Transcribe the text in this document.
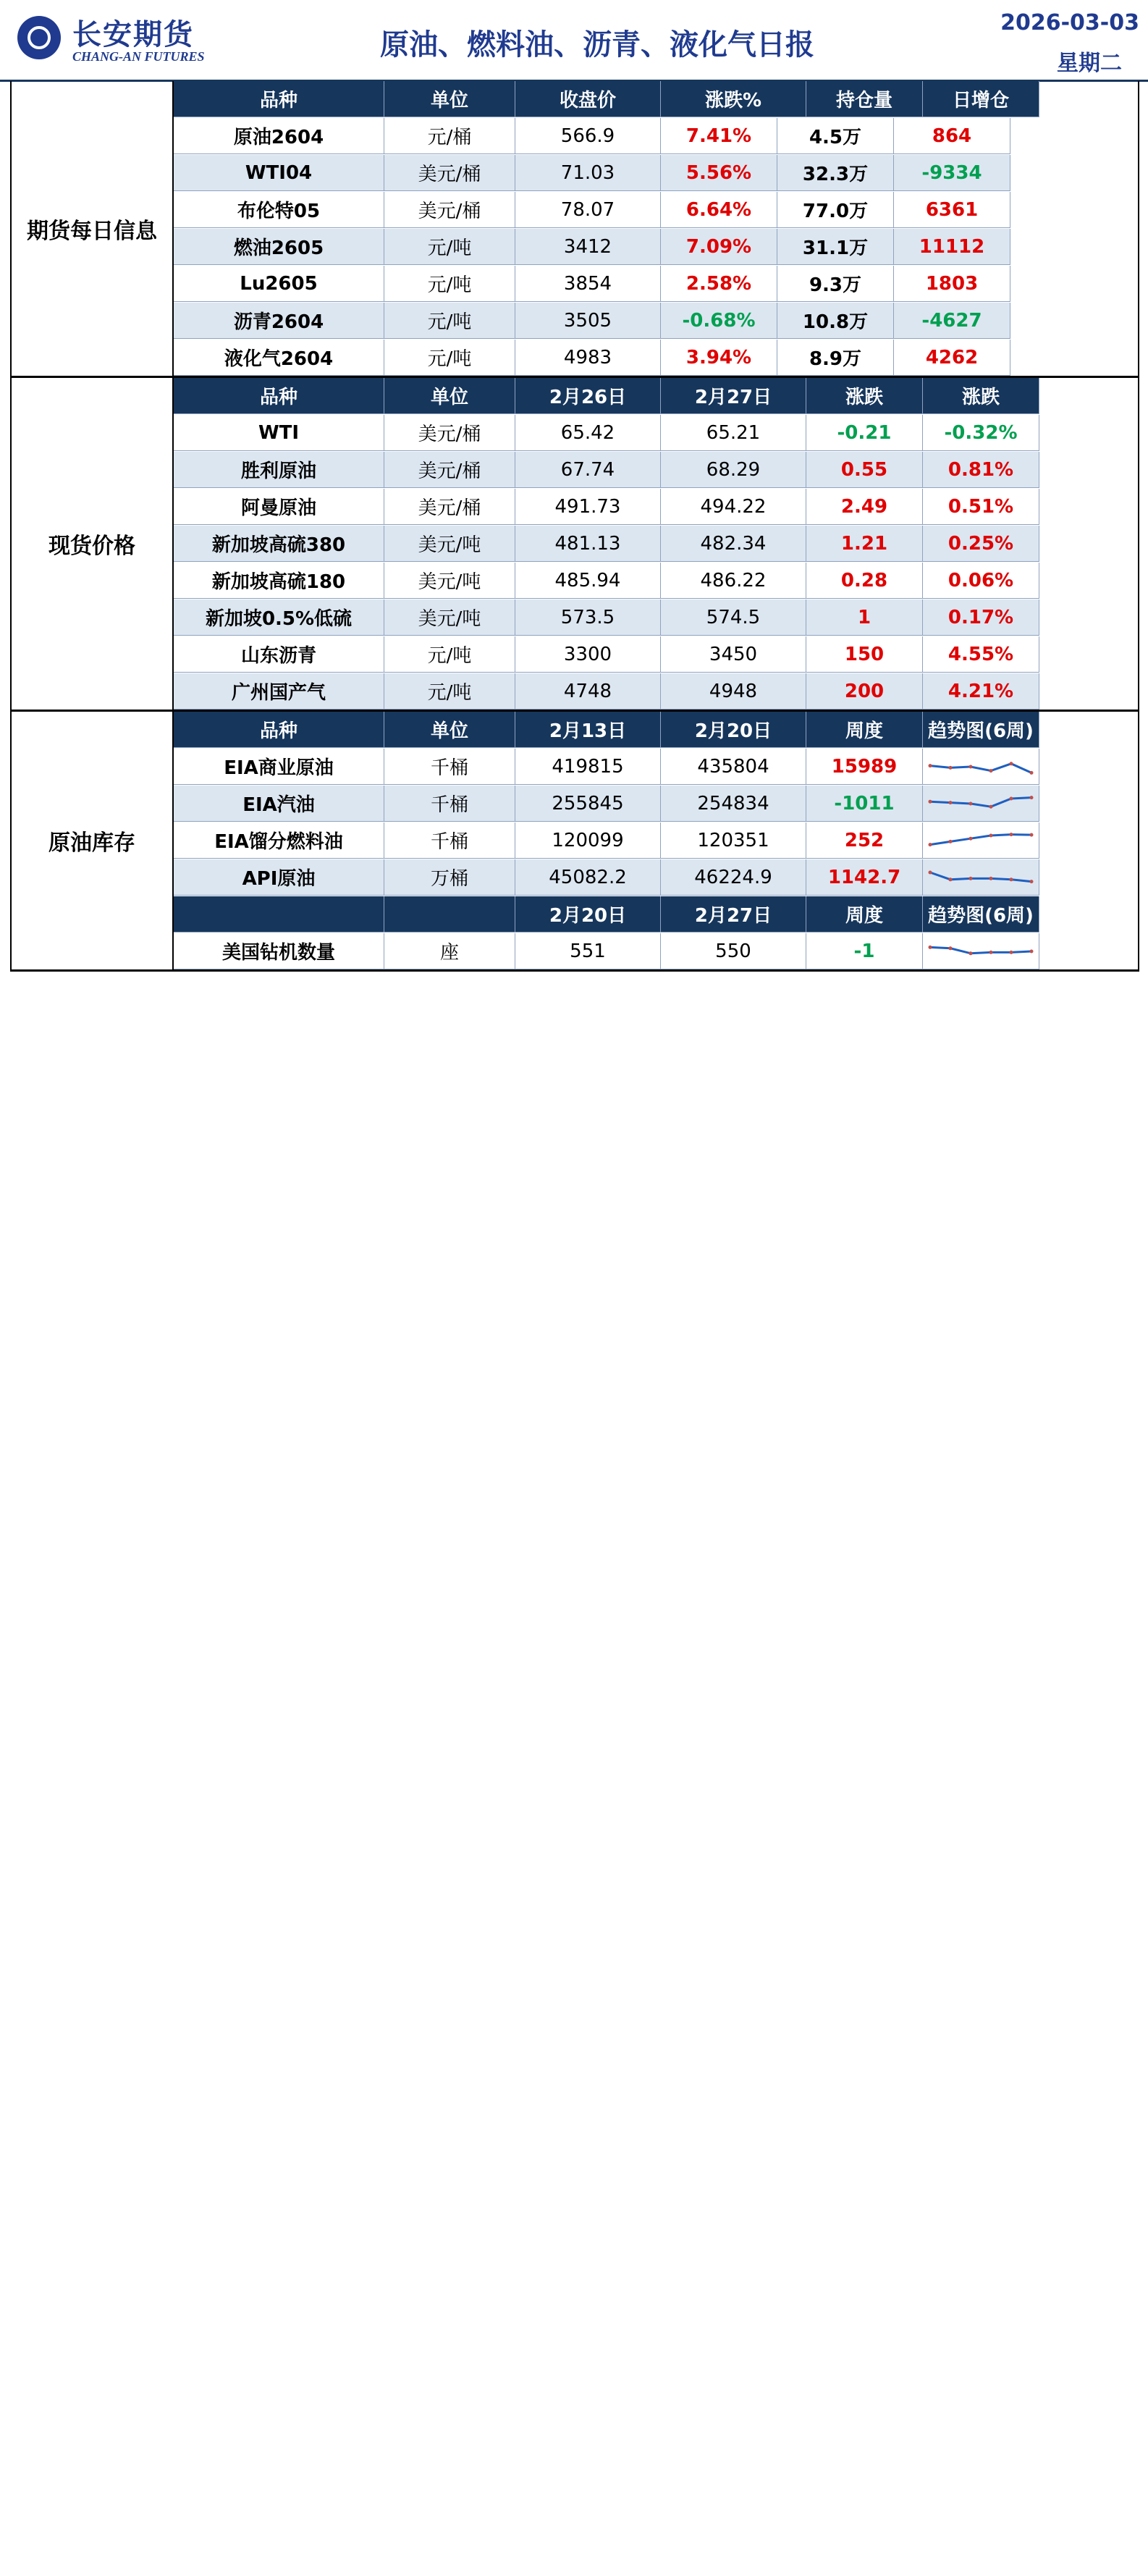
长安期货
CHANG-AN FUTURES	原油、燃料油、沥青、液化气日报
2026-03-03
星期二
期货每日信息
品种	单位	收盘价	涨跌%	持仓量	日增仓
原油2604	元/桶	566.9	7.41%	4.5万	864
WTI04	美元/桶	71.03	5.56%	32.3万	-9334
布伦特05	美元/桶	78.07	6.64%	77.0万	6361
燃油2605	元/吨	3412	7.09%	31.1万	11112
Lu2605	元/吨	3854	2.58%	9.3万	1803
沥青2604	元/吨	3505	-0.68%	10.8万	-4627
液化气2604	元/吨	4983	3.94%	8.9万	4262
现货价格
品种	单位	2月26日	2月27日	涨跌	涨跌
WTI	美元/桶	65.42	65.21	-0.21	-0.32%
胜利原油	美元/桶	67.74	68.29	0.55	0.81%
阿曼原油	美元/桶	491.73	494.22	2.49	0.51%
新加坡高硫380	美元/吨	481.13	482.34	1.21	0.25%
新加坡高硫180	美元/吨	485.94	486.22	0.28	0.06%
新加坡0.5%低硫	美元/吨	573.5	574.5	1	0.17%
山东沥青	元/吨	3300	3450	150	4.55%
广州国产气	元/吨	4748	4948	200	4.21%
原油库存
品种	单位	2月13日	2月20日	周度	趋势图(6周)
EIA商业原油	千桶	419815	435804	15989
EIA汽油	千桶	255845	254834	-1011
EIA馏分燃料油	千桶	120099	120351	252
API原油	万桶	45082.2	46224.9	1142.7
2月20日	2月27日	周度	趋势图(6周)
美国钻机数量	座	551	550	-1
